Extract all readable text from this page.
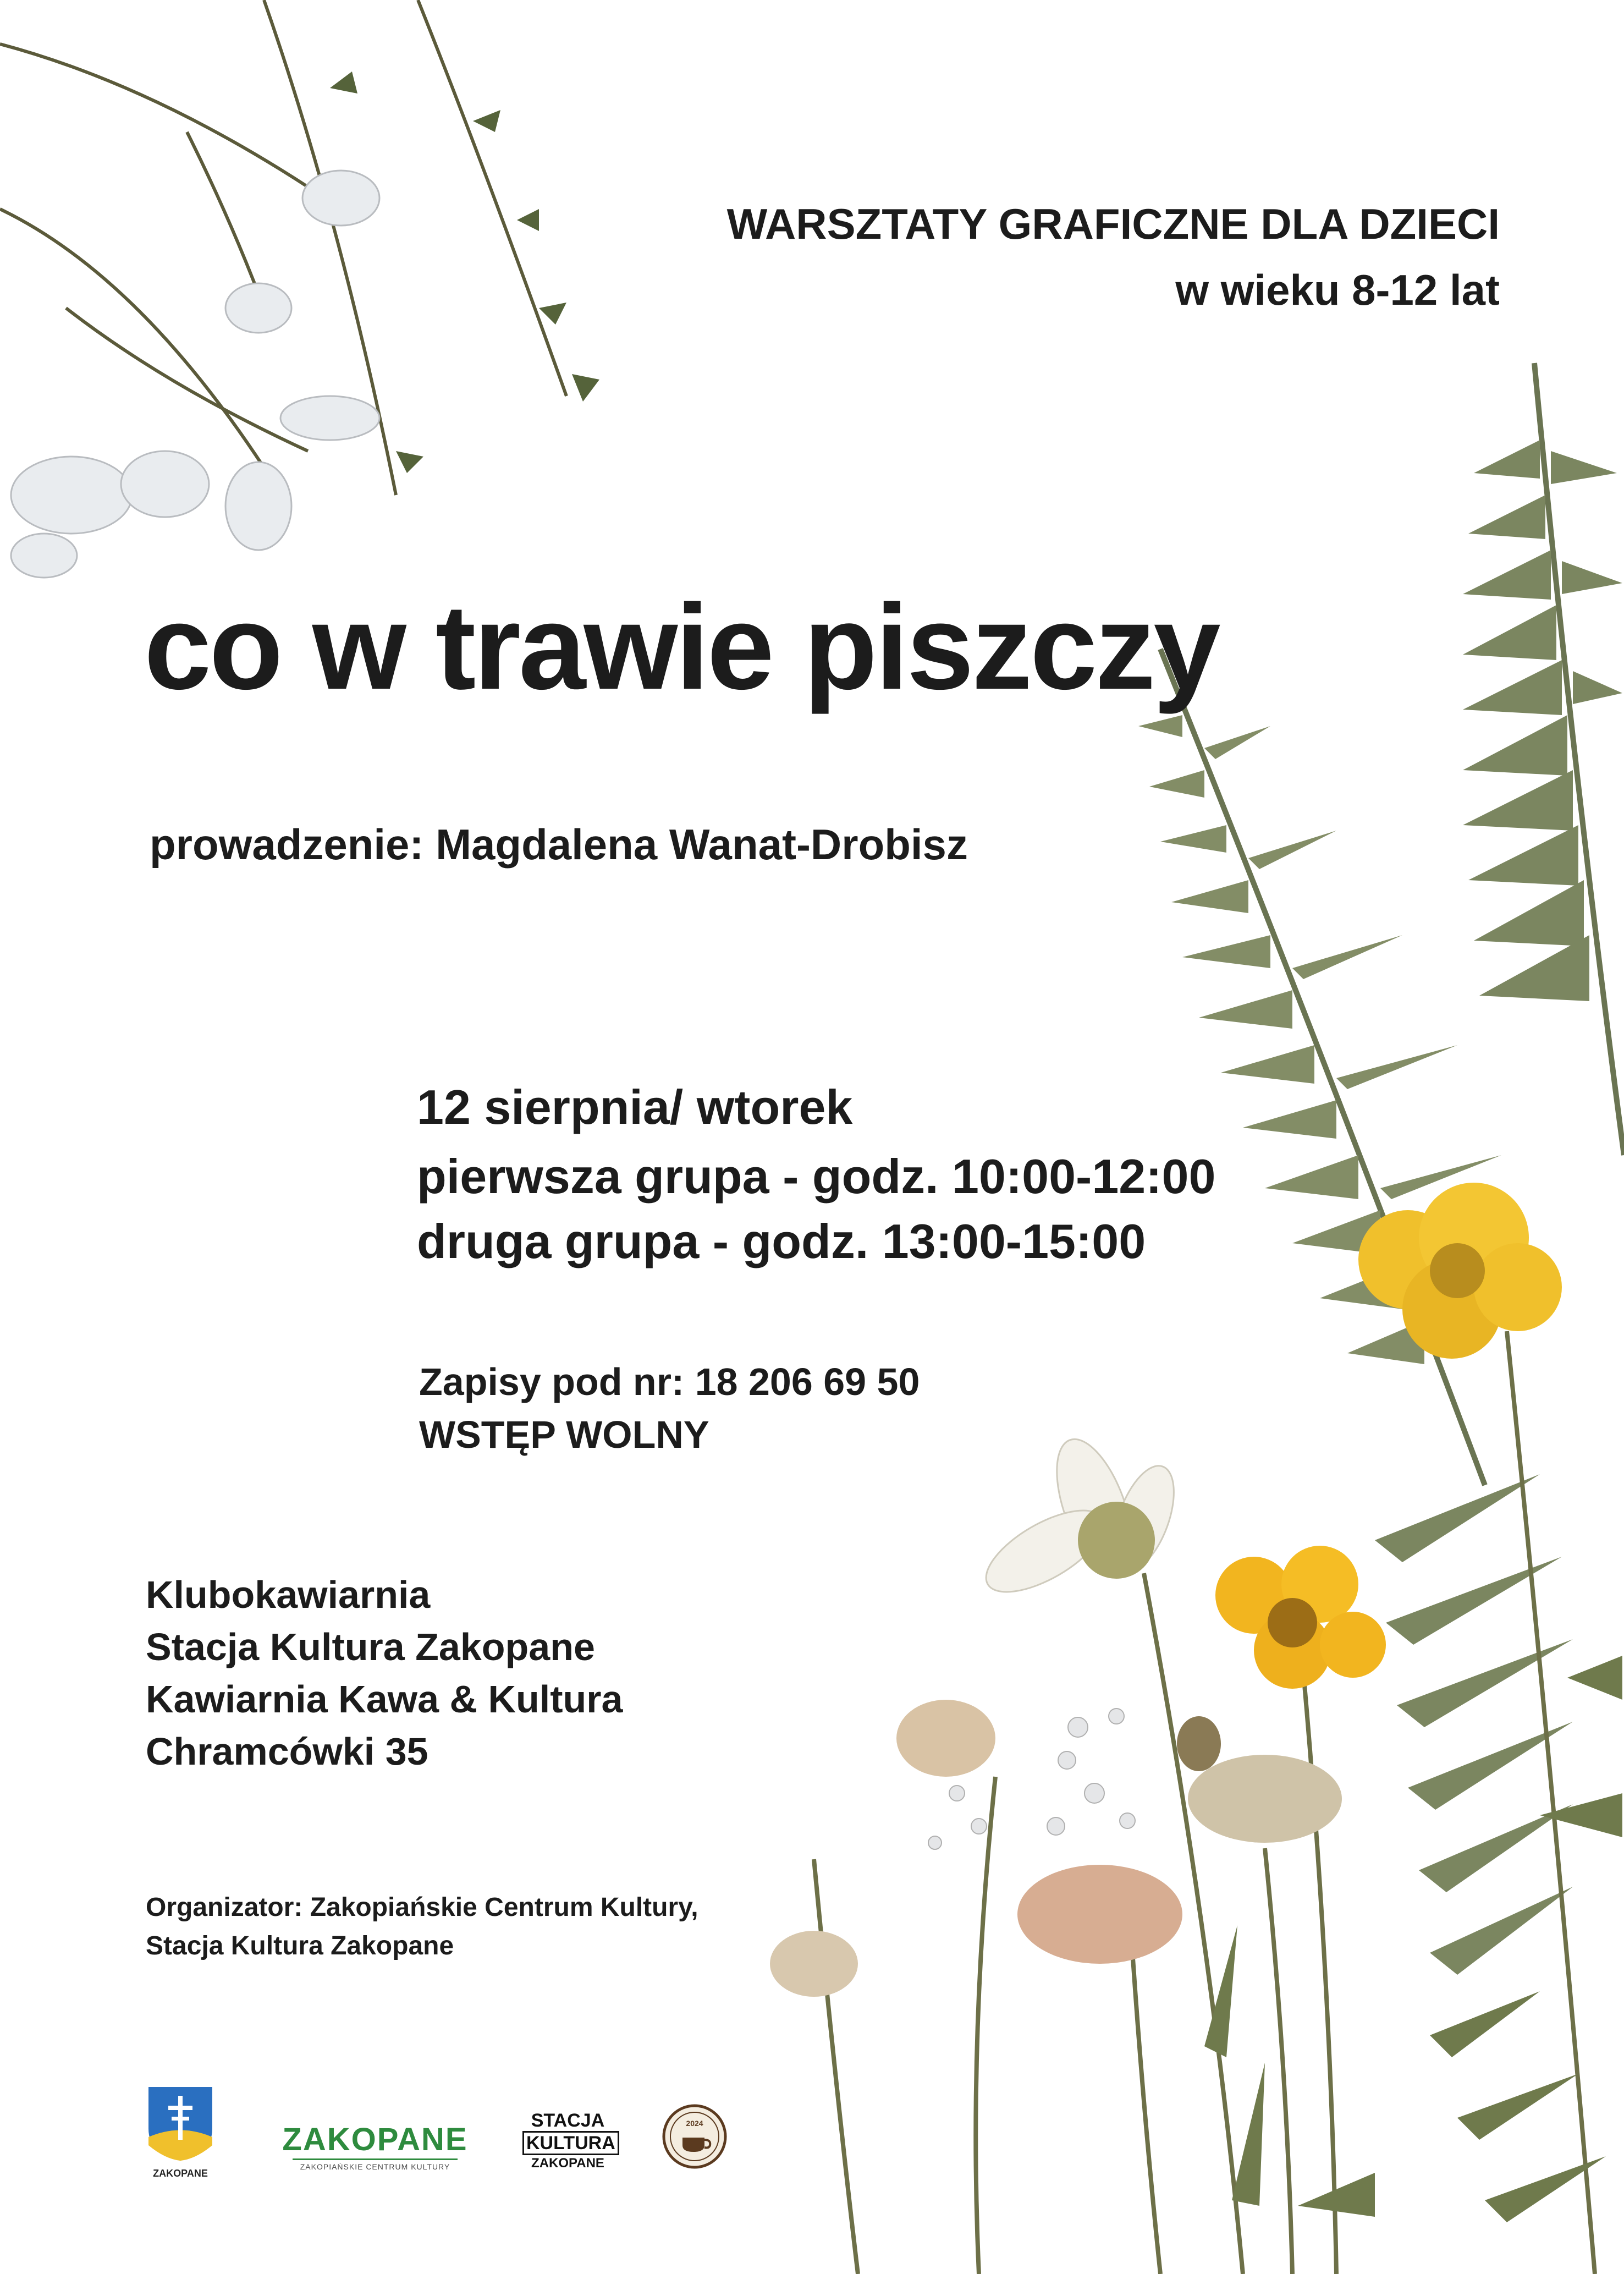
WARSZTATY GRAFICZNE DLA DZIECI
w wieku 8-12 lat
co w trawie piszczy
prowadzenie: Magdalena Wanat-Drobisz
12 sierpnia/ wtorek
pierwsza grupa - godz. 10:00-12:00
druga grupa - godz. 13:00-15:00
Zapisy pod nr: 18 206 69 50
WSTĘP WOLNY
Klubokawiarnia
Stacja Kultura Zakopane
Kawiarnia Kawa & Kultura
Chramcówki 35
Organizator: Zakopiańskie Centrum Kultury,
Stacja Kultura Zakopane
ZAKOPANE
ZAKOPANE
ZAKOPIAŃSKIE CENTRUM KULTURY
STACJA
KULTURA
ZAKOPANE
2024
